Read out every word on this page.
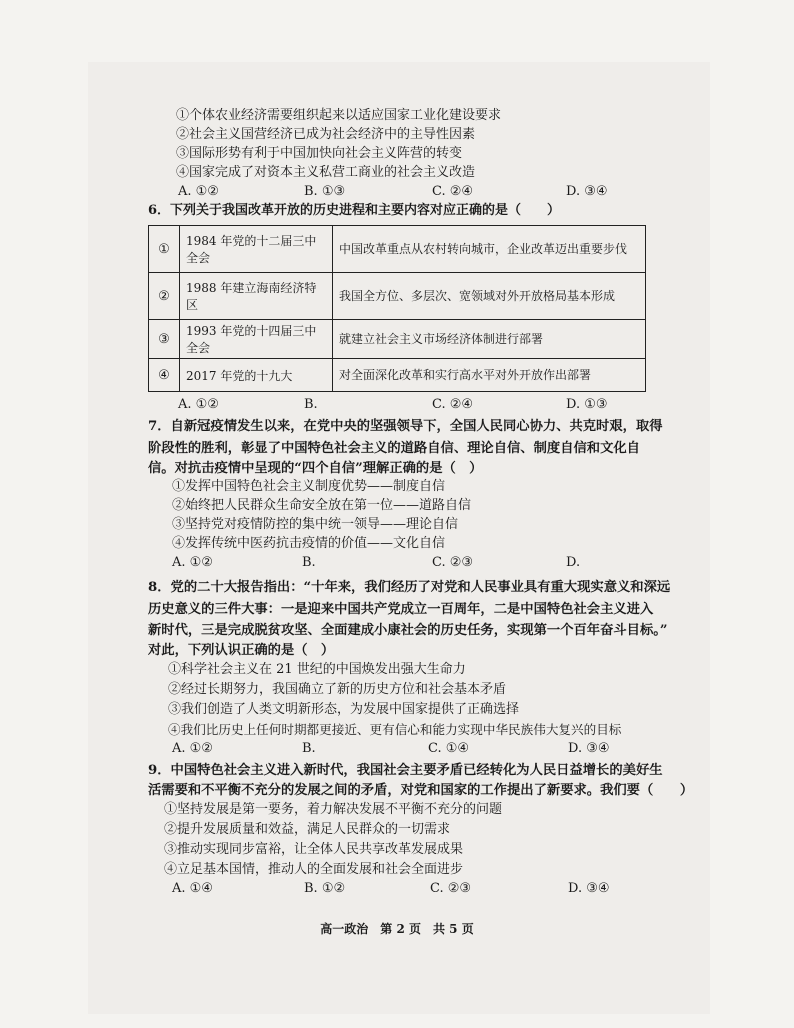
①个体农业经济需要组织起来以适应国家工业化建设要求
②社会主义国营经济已成为社会经济中的主导性因素
③国际形势有利于中国加快向社会主义阵营的转变
④国家完成了对资本主义私营工商业的社会主义改造
A. ①②	B. ①③	C. ②④	D. ③④
6．下列关于我国改革开放的历史进程和主要内容对应正确的是（　　）
①	1984 年党的十二届三中全会	中国改革重点从农村转向城市，企业改革迈出重要步伐
②	1988 年建立海南经济特区	我国全方位、多层次、宽领域对外开放格局基本形成
③	1993 年党的十四届三中全会	就建立社会主义市场经济体制进行部署
④	2017 年党的十九大	对全面深化改革和实行高水平对外开放作出部署
A. ①②	B.	C. ②④	D. ①③
7．自新冠疫情发生以来，在党中央的坚强领导下，全国人民同心协力、共克时艰，取得
阶段性的胜利，彰显了中国特色社会主义的道路自信、理论自信、制度自信和文化自
信。对抗击疫情中呈现的“四个自信”理解正确的是（　）
①发挥中国特色社会主义制度优势——制度自信
②始终把人民群众生命安全放在第一位——道路自信
③坚持党对疫情防控的集中统一领导——理论自信
④发挥传统中医药抗击疫情的价值——文化自信
A. ①②	B.	C. ②③	D.
8．党的二十大报告指出：“十年来，我们经历了对党和人民事业具有重大现实意义和深远
历史意义的三件大事：一是迎来中国共产党成立一百周年，二是中国特色社会主义进入
新时代，三是完成脱贫攻坚、全面建成小康社会的历史任务，实现第一个百年奋斗目标。”
对此，下列认识正确的是（　）
①科学社会主义在 21 世纪的中国焕发出强大生命力
②经过长期努力，我国确立了新的历史方位和社会基本矛盾
③我们创造了人类文明新形态，为发展中国家提供了正确选择
④我们比历史上任何时期都更接近、更有信心和能力实现中华民族伟大复兴的目标
A. ①②	B.	C. ①④	D. ③④
9．中国特色社会主义进入新时代，我国社会主要矛盾已经转化为人民日益增长的美好生
活需要和不平衡不充分的发展之间的矛盾，对党和国家的工作提出了新要求。我们要（　　）
①坚持发展是第一要务，着力解决发展不平衡不充分的问题
②提升发展质量和效益，满足人民群众的一切需求
③推动实现同步富裕，让全体人民共享改革发展成果
④立足基本国情，推动人的全面发展和社会全面进步
A. ①④	B. ①②	C. ②③	D. ③④
高一政治　第 2 页　共 5 页
